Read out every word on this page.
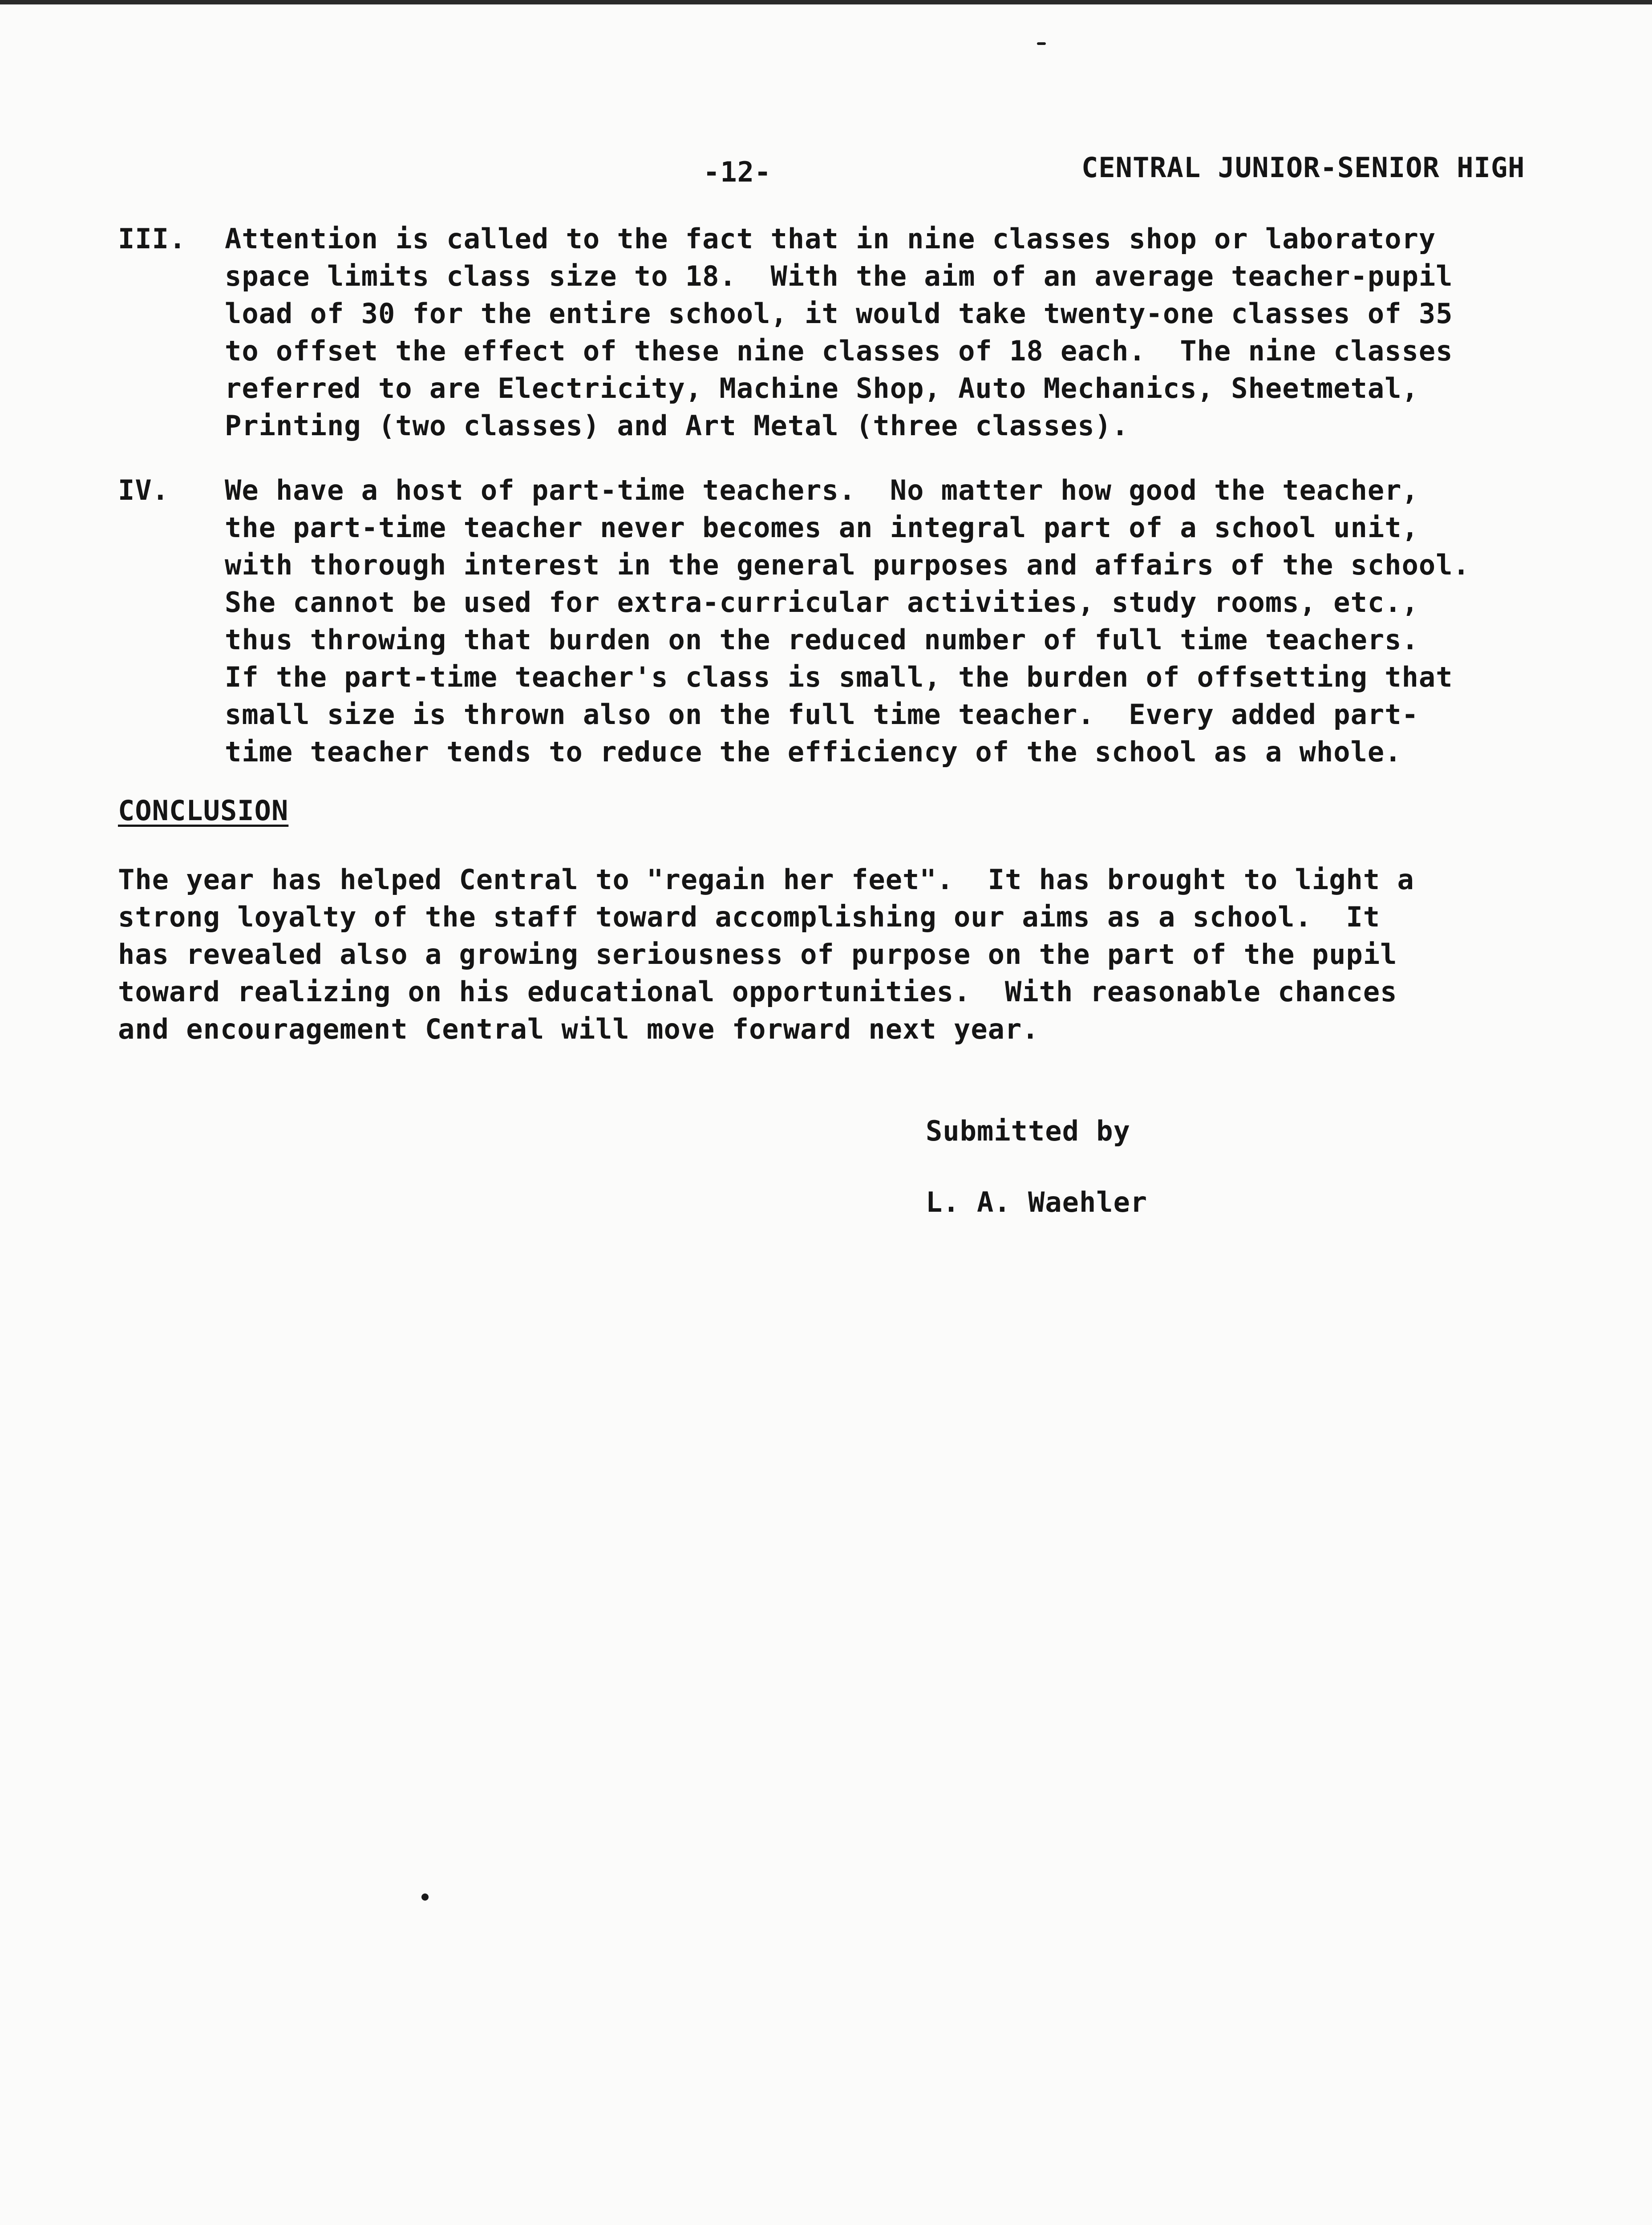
-12-	CENTRAL JUNIOR-SENIOR HIGH
III. Attention is called to the fact that in nine classes shop or laboratory
space limits class size to 18.  With the aim of an average teacher-pupil
load of 30 for the entire school, it would take twenty-one classes of 35
to offset the effect of these nine classes of 18 each.  The nine classes
referred to are Electricity, Machine Shop, Auto Mechanics, Sheetmetal,
Printing (two classes) and Art Metal (three classes).
IV. We have a host of part-time teachers.  No matter how good the teacher,
the part-time teacher never becomes an integral part of a school unit,
with thorough interest in the general purposes and affairs of the school.
She cannot be used for extra-curricular activities, study rooms, etc.,
thus throwing that burden on the reduced number of full time teachers.
If the part-time teacher's class is small, the burden of offsetting that
small size is thrown also on the full time teacher.  Every added part-
time teacher tends to reduce the efficiency of the school as a whole.
CONCLUSION
The year has helped Central to "regain her feet".  It has brought to light a
strong loyalty of the staff toward accomplishing our aims as a school.  It
has revealed also a growing seriousness of purpose on the part of the pupil
toward realizing on his educational opportunities.  With reasonable chances
and encouragement Central will move forward next year.
Submitted by
L. A. Waehler
